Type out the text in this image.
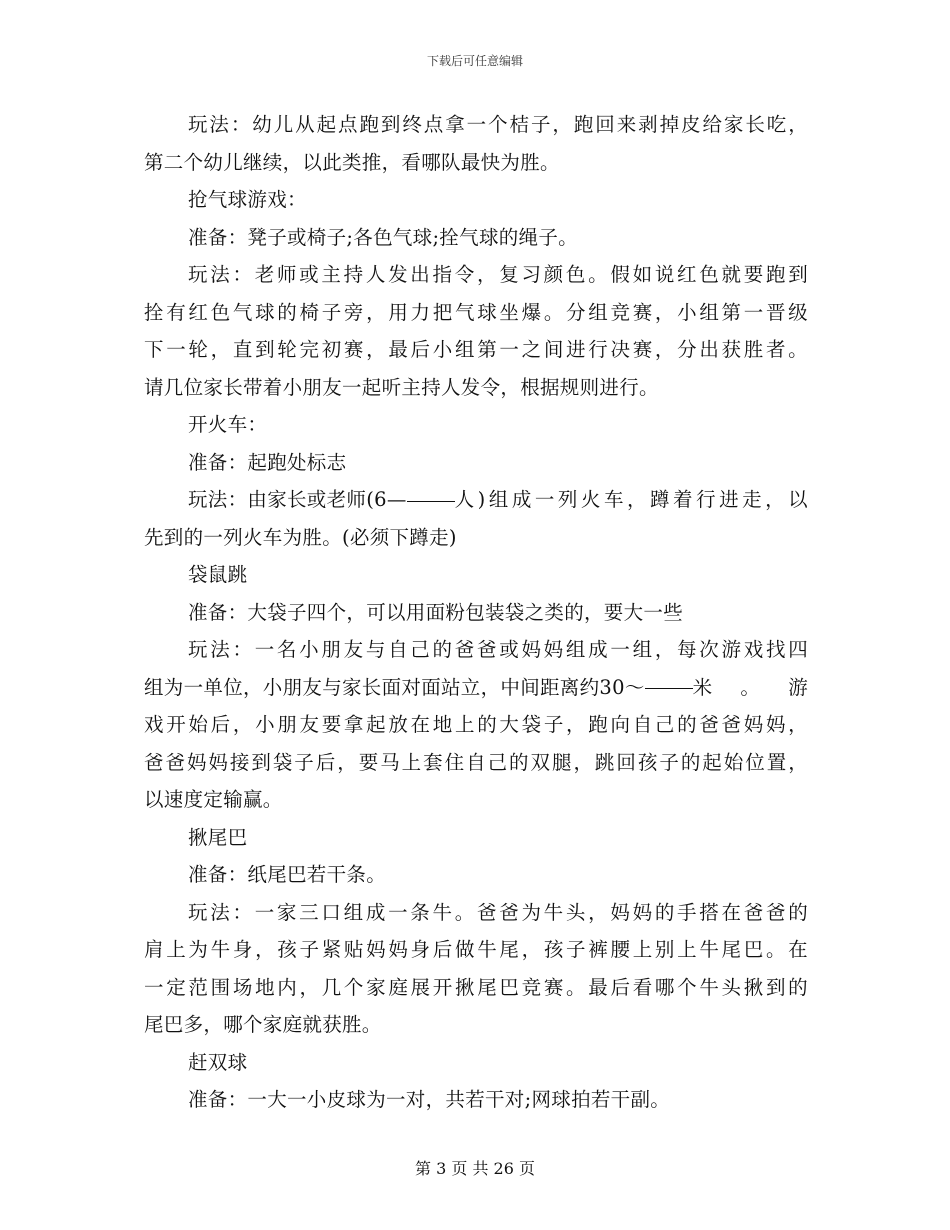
下载后可任意编辑
玩法：幼儿从起点跑到终点拿一个桔子，跑回来剥掉皮给家长吃，
第二个幼儿继续，以此类推，看哪队最快为胜。
抢气球游戏：
准备：凳子或椅子;各色气球;拴气球的绳子。
玩法：老师或主持人发出指令，复习颜色。假如说红色就要跑到
拴有红色气球的椅子旁，用力把气球坐爆。分组竞赛，小组第一晋级
下一轮，直到轮完初赛，最后小组第一之间进行决赛，分出获胜者。
请几位家长带着小朋友一起听主持人发令，根据规则进行。
开火车：
准备：起跑处标志
玩法：由家长或老师(6— 人)组成一列火车，蹲着行进走，以
先到的一列火车为胜。(必须下蹲走)
袋鼠跳
准备：大袋子四个，可以用面粉包装袋之类的，要大一些
玩法：一名小朋友与自己的爸爸或妈妈组成一组，每次游戏找四
组为一单位，小朋友与家长面对面站立，中间距离约30～ 米。游
戏开始后，小朋友要拿起放在地上的大袋子，跑向自己的爸爸妈妈，
爸爸妈妈接到袋子后，要马上套住自己的双腿，跳回孩子的起始位置，
以速度定输赢。
揪尾巴
准备：纸尾巴若干条。
玩法：一家三口组成一条牛。爸爸为牛头，妈妈的手搭在爸爸的
肩上为牛身，孩子紧贴妈妈身后做牛尾，孩子裤腰上别上牛尾巴。在
一定范围场地内，几个家庭展开揪尾巴竞赛。最后看哪个牛头揪到的
尾巴多，哪个家庭就获胜。
赶双球
准备：一大一小皮球为一对，共若干对;网球拍若干副。
第 3 页 共 26 页
